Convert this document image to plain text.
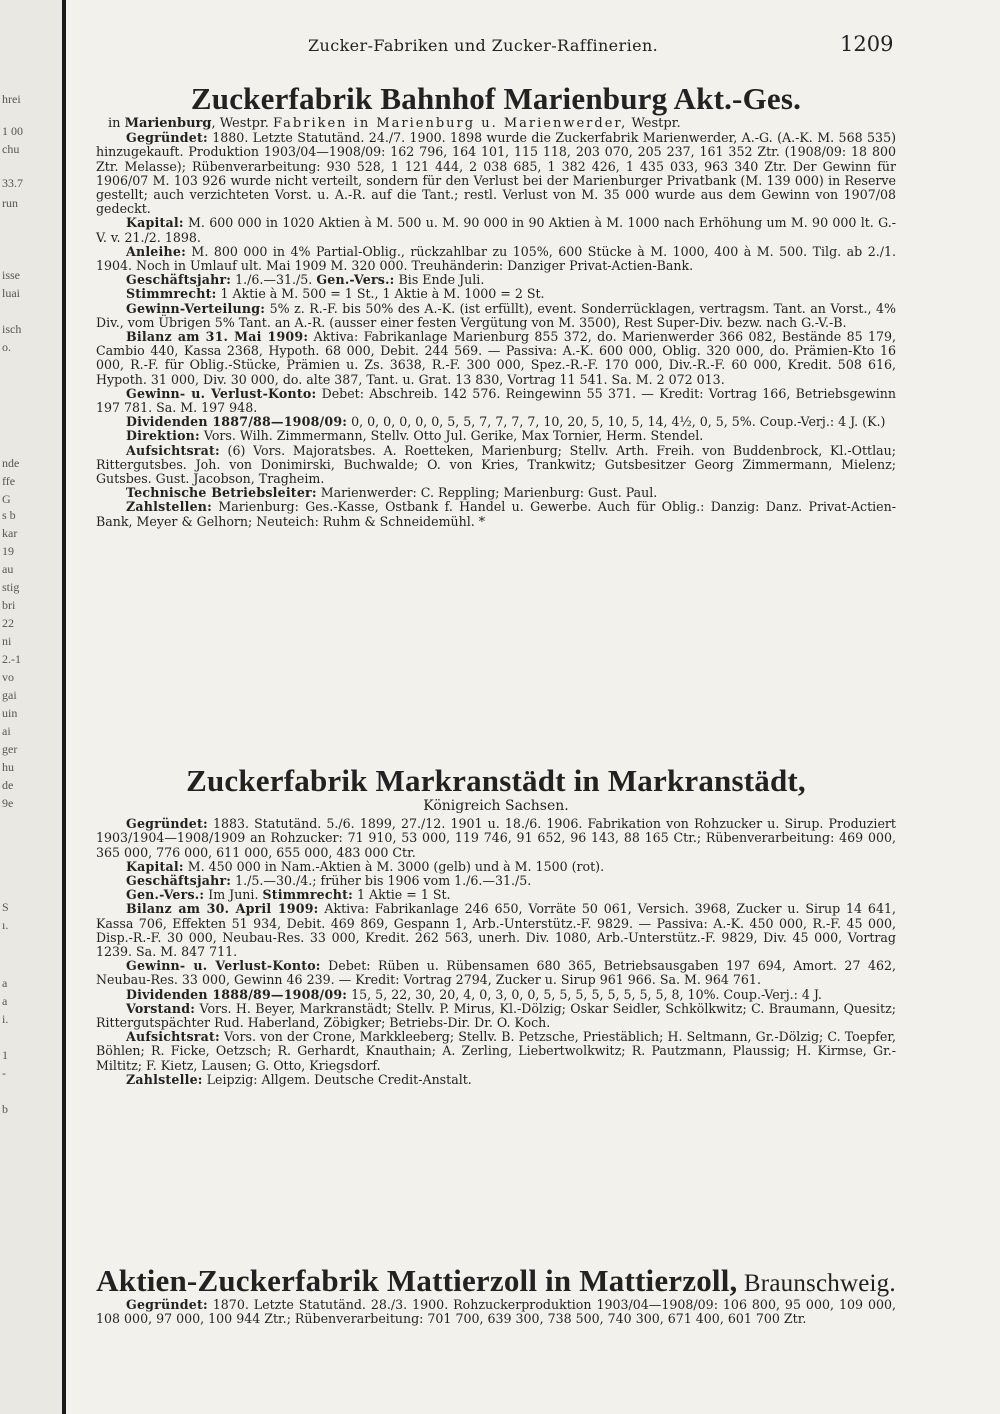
hrei
1 00
chu
33.7
run
isse
luai
isch
o.
nde
ffe
G
s b
kar
19
au
stig
bri
22
ni
2.-1
vo
gai
uin
ai
ger
hu
de
9e
S
ı.
a
a
i.
1
-
b
Zucker-Fabriken und Zucker-Raffinerien.	1209
Zuckerfabrik Bahnhof Marienburg Akt.-Ges.
in Marienburg, Westpr. Fabriken in Marienburg u. Marienwerder, Westpr.

Gegründet: 1880. Letzte Statutänd. 24./7. 1900. 1898 wurde die Zuckerfabrik Marienwerder, A.-G. (A.-K. M. 568 535) hinzugekauft. Produktion 1903/04—1908/09: 162 796, 164 101, 115 118, 203 070, 205 237, 161 352 Ztr. (1908/09: 18 800 Ztr. Melasse); Rübenverarbeitung: 930 528, 1 121 444, 2 038 685, 1 382 426, 1 435 033, 963 340 Ztr. Der Gewinn für 1906/07 M. 103 926 wurde nicht verteilt, sondern für den Verlust bei der Marienburger Privatbank (M. 139 000) in Reserve gestellt; auch verzichteten Vorst. u. A.-R. auf die Tant.; restl. Verlust von M. 35 000 wurde aus dem Gewinn von 1907/08 gedeckt.

Kapital: M. 600 000 in 1020 Aktien à M. 500 u. M. 90 000 in 90 Aktien à M. 1000 nach Erhöhung um M. 90 000 lt. G.-V. v. 21./2. 1898.

Anleihe: M. 800 000 in 4% Partial-Oblig., rückzahlbar zu 105%, 600 Stücke à M. 1000, 400 à M. 500. Tilg. ab 2./1. 1904. Noch in Umlauf ult. Mai 1909 M. 320 000. Treuhänderin: Danziger Privat-Actien-Bank.

Geschäftsjahr: 1./6.—31./5. Gen.-Vers.: Bis Ende Juli.

Stimmrecht: 1 Aktie à M. 500 = 1 St., 1 Aktie à M. 1000 = 2 St.

Gewinn-Verteilung: 5% z. R.-F. bis 50% des A.-K. (ist erfüllt), event. Sonderrücklagen, vertragsm. Tant. an Vorst., 4% Div., vom Übrigen 5% Tant. an A.-R. (ausser einer festen Vergütung von M. 3500), Rest Super-Div. bezw. nach G.-V.-B.

Bilanz am 31. Mai 1909: Aktiva: Fabrikanlage Marienburg 855 372, do. Marienwerder 366 082, Bestände 85 179, Cambio 440, Kassa 2368, Hypoth. 68 000, Debit. 244 569. — Passiva: A.-K. 600 000, Oblig. 320 000, do. Prämien-Kto 16 000, R.-F. für Oblig.-Stücke, Prämien u. Zs. 3638, R.-F. 300 000, Spez.-R.-F. 170 000, Div.-R.-F. 60 000, Kredit. 508 616, Hypoth. 31 000, Div. 30 000, do. alte 387, Tant. u. Grat. 13 830, Vortrag 11 541. Sa. M. 2 072 013.

Gewinn- u. Verlust-Konto: Debet: Abschreib. 142 576. Reingewinn 55 371. — Kredit: Vortrag 166, Betriebsgewinn 197 781. Sa. M. 197 948.

Dividenden 1887/88—1908/09: 0, 0, 0, 0, 0, 0, 5, 5, 7, 7, 7, 7, 10, 20, 5, 10, 5, 14, 4½, 0, 5, 5%. Coup.-Verj.: 4 J. (K.)

Direktion: Vors. Wilh. Zimmermann, Stellv. Otto Jul. Gerike, Max Tornier, Herm. Stendel.

Aufsichtsrat: (6) Vors. Majoratsbes. A. Roetteken, Marienburg; Stellv. Arth. Freih. von Buddenbrock, Kl.-Ottlau; Rittergutsbes. Joh. von Donimirski, Buchwalde; O. von Kries, Trankwitz; Gutsbesitzer Georg Zimmermann, Mielenz; Gutsbes. Gust. Jacobson, Tragheim.

Technische Betriebsleiter: Marienwerder: C. Reppling; Marienburg: Gust. Paul.

Zahlstellen: Marienburg: Ges.-Kasse, Ostbank f. Handel u. Gewerbe. Auch für Oblig.: Danzig: Danz. Privat-Actien-Bank, Meyer & Gelhorn; Neuteich: Ruhm & Schneidemühl. *

Zuckerfabrik Markranstädt in Markranstädt,
Königreich Sachsen.

Gegründet: 1883. Statutänd. 5./6. 1899, 27./12. 1901 u. 18./6. 1906. Fabrikation von Rohzucker u. Sirup. Produziert 1903/1904—1908/1909 an Rohzucker: 71 910, 53 000, 119 746, 91 652, 96 143, 88 165 Ctr.; Rübenverarbeitung: 469 000, 365 000, 776 000, 611 000, 655 000, 483 000 Ctr.

Kapital: M. 450 000 in Nam.-Aktien à M. 3000 (gelb) und à M. 1500 (rot).

Geschäftsjahr: 1./5.—30./4.; früher bis 1906 vom 1./6.—31./5.

Gen.-Vers.: Im Juni. Stimmrecht: 1 Aktie = 1 St.

Bilanz am 30. April 1909: Aktiva: Fabrikanlage 246 650, Vorräte 50 061, Versich. 3968, Zucker u. Sirup 14 641, Kassa 706, Effekten 51 934, Debit. 469 869, Gespann 1, Arb.-Unterstütz.-F. 9829. — Passiva: A.-K. 450 000, R.-F. 45 000, Disp.-R.-F. 30 000, Neubau-Res. 33 000, Kredit. 262 563, unerh. Div. 1080, Arb.-Unterstütz.-F. 9829, Div. 45 000, Vortrag 1239. Sa. M. 847 711.

Gewinn- u. Verlust-Konto: Debet: Rüben u. Rübensamen 680 365, Betriebsausgaben 197 694, Amort. 27 462, Neubau-Res. 33 000, Gewinn 46 239. — Kredit: Vortrag 2794, Zucker u. Sirup 961 966. Sa. M. 964 761.

Dividenden 1888/89—1908/09: 15, 5, 22, 30, 20, 4, 0, 3, 0, 0, 5, 5, 5, 5, 5, 5, 5, 5, 8, 10%. Coup.-Verj.: 4 J.

Vorstand: Vors. H. Beyer, Markranstädt; Stellv. P. Mirus, Kl.-Dölzig; Oskar Seidler, Schkölkwitz; C. Braumann, Quesitz; Rittergutspächter Rud. Haberland, Zöbigker; Betriebs-Dir. Dr. O. Koch.

Aufsichtsrat: Vors. von der Crone, Markkleeberg; Stellv. B. Petzsche, Priestäblich; H. Seltmann, Gr.-Dölzig; C. Toepfer, Böhlen; R. Ficke, Oetzsch; R. Gerhardt, Knauthain; A. Zerling, Liebertwolkwitz; R. Pautzmann, Plaussig; H. Kirmse, Gr.-Miltitz; F. Kietz, Lausen; G. Otto, Kriegsdorf.

Zahlstelle: Leipzig: Allgem. Deutsche Credit-Anstalt.

Aktien-Zuckerfabrik Mattierzoll in Mattierzoll, Braunschweig.

Gegründet: 1870. Letzte Statutänd. 28./3. 1900. Rohzuckerproduktion 1903/04—1908/09: 106 800, 95 000, 109 000, 108 000, 97 000, 100 944 Ztr.; Rübenverarbeitung: 701 700, 639 300, 738 500, 740 300, 671 400, 601 700 Ztr.
